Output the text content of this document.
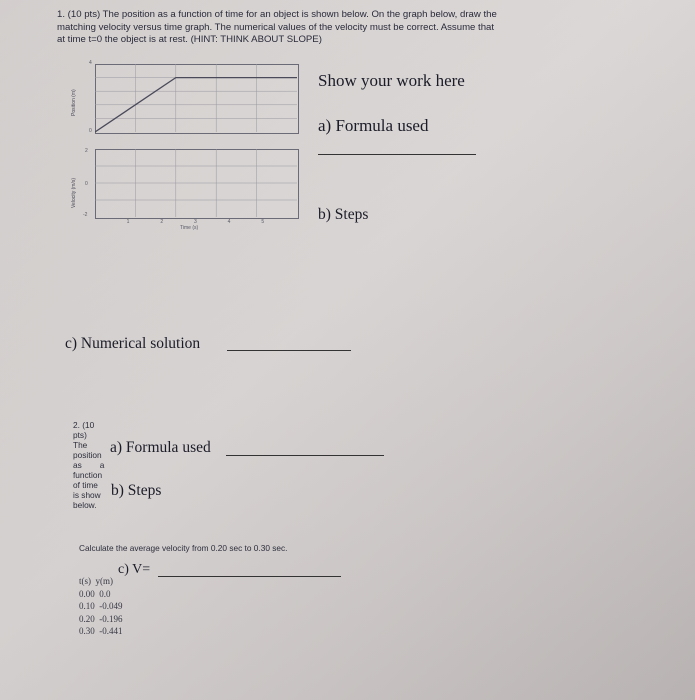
1. (10 pts) The position as a function of time for an object is shown below. On the graph below, draw the
matching velocity versus time graph. The numerical values of the velocity must be correct. Assume that
at time t=0 the object is at rest. (HINT: THINK ABOUT SLOPE)
4
0
Position (m)
2
0
-2
Velocity (m/s)
1	2	3	4	5
Time (s)
Show your work here
a) Formula used
b) Steps
c) Numerical solution
2. (10
pts)
The
position
as a
function
of time
is show
below.
a) Formula used
b) Steps
Calculate the average velocity from 0.20 sec to 0.30 sec.
c) V=
t(s)  y(m)
0.00  0.0
0.10  -0.049
0.20  -0.196
0.30  -0.441
